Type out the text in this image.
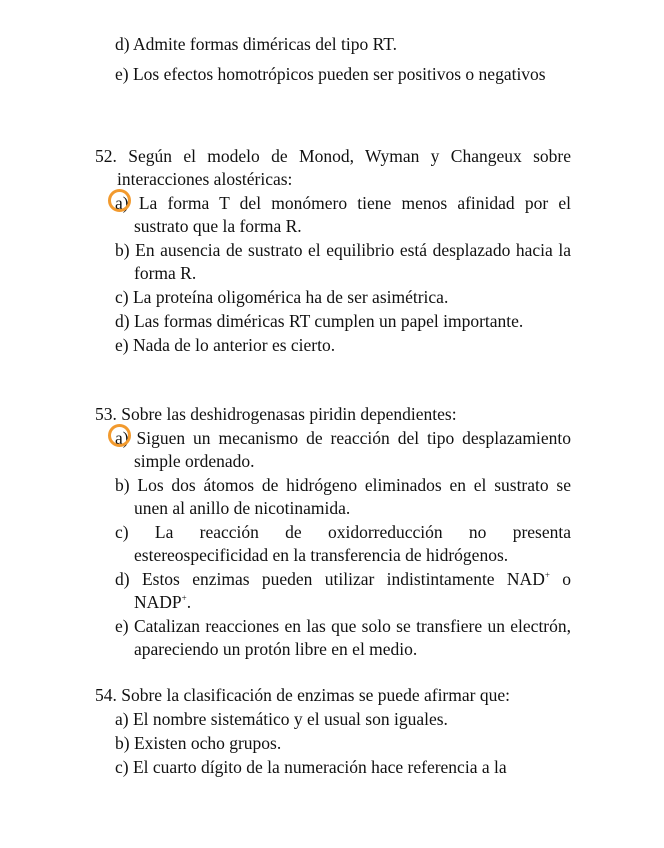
d) Admite formas diméricas del tipo RT.
e) Los efectos homotrópicos pueden ser positivos o negativos
52. Según el modelo de Monod, Wyman y Changeux sobre interacciones alostéricas:
a) La forma T del monómero tiene menos afinidad por el sustrato que la forma R.
b) En ausencia de sustrato el equilibrio está desplazado hacia la forma R.
c) La proteína oligomérica ha de ser asimétrica.
d) Las formas diméricas RT cumplen un papel importante.
e) Nada de lo anterior es cierto.
53. Sobre las deshidrogenasas piridin dependientes:
a) Siguen un mecanismo de reacción del tipo desplazamiento simple ordenado.
b) Los dos átomos de hidrógeno eliminados en el sustrato se unen al anillo de nicotinamida.
c) La reacción de oxidorreducción no presenta estereospecificidad en la transferencia de hidrógenos.
d) Estos enzimas pueden utilizar indistintamente NAD+ o NADP+.
e) Catalizan reacciones en las que solo se transfiere un electrón, apareciendo un protón libre en el medio.
54. Sobre la clasificación de enzimas se puede afirmar que:
a) El nombre sistemático y el usual son iguales.
b) Existen ocho grupos.
c) El cuarto dígito de la numeración hace referencia a la
